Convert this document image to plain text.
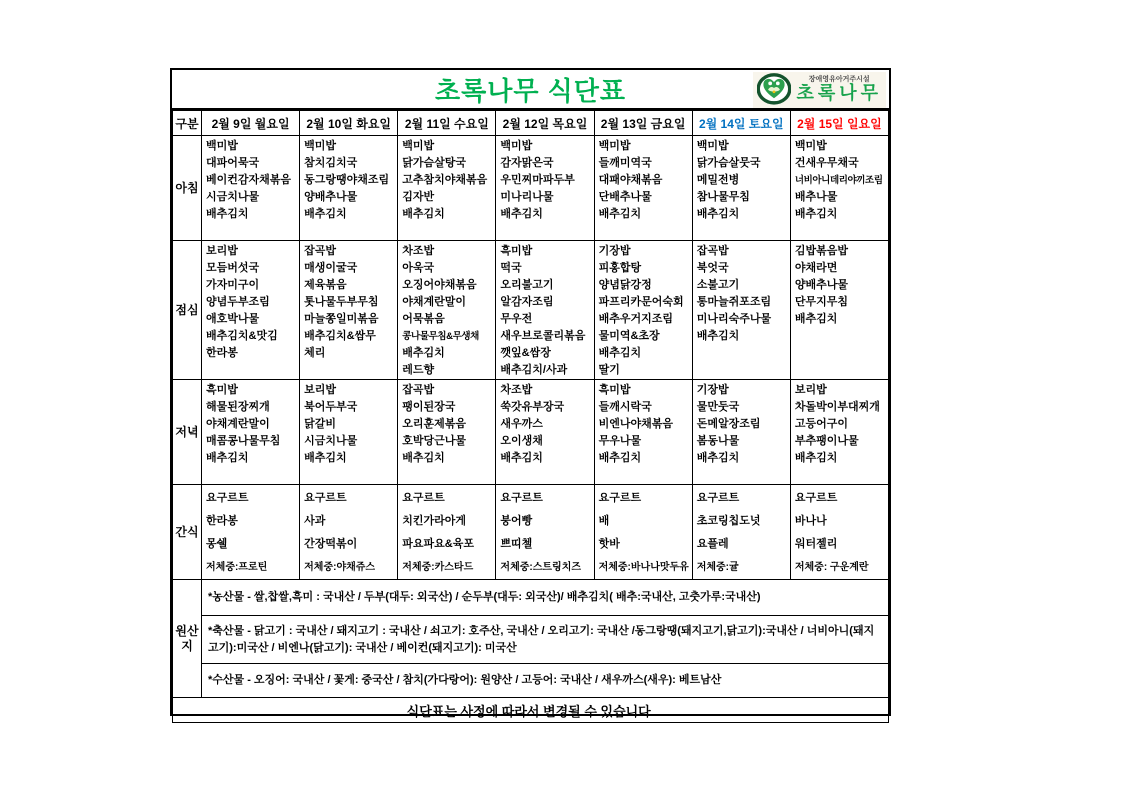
초록나무 식단표	장애영유아거주시설
초록나무
구분	2월 9일 월요일	2월 10일 화요일	2월 11일 수요일	2월 12일 목요일	2월 13일 금요일	2월 14일 토요일	2월 15일 일요일
아침	
백미밥
대파어묵국
베이컨감자채볶음
시금치나물
배추김치

백미밥
참치김치국
동그랑땡야채조림
양배추나물
배추김치

백미밥
닭가슴살탕국
고추참치야채볶음
김자반
배추김치

백미밥
감자맑은국
우민찌마파두부
미나리나물
배추김치

백미밥
들깨미역국
대패야채볶음
단배추나물
배추김치

백미밥
닭가슴살뭇국
메밀전병
참나물무침
배추김치

백미밥
건새우무채국
너비아니데리야끼조림
배추나물
배추김치

점심	
보리밥
모듬버섯국
가자미구이
양념두부조림
애호박나물
배추김치&맛김
한라봉

잡곡밥
매생이굴국
제육볶음
톳나물두부무침
마늘쫑일미볶음
배추김치&쌈무
체리

차조밥
아욱국
오징어야채볶음
야채계란말이
어묵볶음
콩나물무침&무생채
배추김치
레드향

흑미밥
떡국
오리불고기
알감자조림
무우전
새우브로콜리볶음
깻잎&쌈장
배추김치/사과

기장밥
피홍합탕
양념닭강정
파프리카문어숙회
배추우거지조림
물미역&초장
배추김치
딸기

잡곡밥
북엇국
소불고기
통마늘쥐포조림
미나리숙주나물
배추김치

김밥볶음밥
야채라면
양배추나물
단무지무침
배추김치

저녁	
흑미밥
해물된장찌개
야채계란말이
매콤콩나물무침
배추김치

보리밥
북어두부국
닭갈비
시금치나물
배추김치

잡곡밥
팽이된장국
오리훈제볶음
호박당근나물
배추김치

차조밥
쑥갓유부장국
새우까스
오이생채
배추김치

흑미밥
들깨시락국
비엔나야채볶음
무우나물
배추김치

기장밥
물만둣국
돈메알장조림
봄동나물
배추김치

보리밥
차돌박이부대찌개
고등어구이
부추팽이나물
배추김치

간식	
요구르트
한라봉
몽쉘
저체중:프로틴

요구르트
사과
간장떡볶이
저체중:야채쥬스

요구르트
치킨가라아게
파요파요&육포
저체중:카스타드

요구르트
붕어빵
쁘띠첼
저체중:스트링치즈

요구르트
배
핫바
저체중:바나나맛두유

요구르트
초코링칩도넛
요플레
저체중:귤

요구르트
바나나
워터젤리
저체중: 구운계란

원산지	*농산물 - 쌀,찹쌀,흑미 : 국내산 / 두부(대두: 외국산) / 순두부(대두: 외국산)/ 배추김치( 배추:국내산, 고춧가루:국내산)						
	*축산물 - 닭고기 : 국내산 / 돼지고기 : 국내산 / 쇠고기: 호주산, 국내산 / 오리고기: 국내산 /동그랑땡(돼지고기,닭고기):국내산 / 너비아니(돼지고기):미국산 / 비엔나(닭고기): 국내산 / 베이컨(돼지고기): 미국산						
	*수산물 - 오징어: 국내산 / 꽃게: 중국산 / 참치(가다랑어): 원양산 / 고등어: 국내산 / 새우까스(새우): 베트남산						
식단표는 사정에 따라서 변경될 수 있습니다.							
